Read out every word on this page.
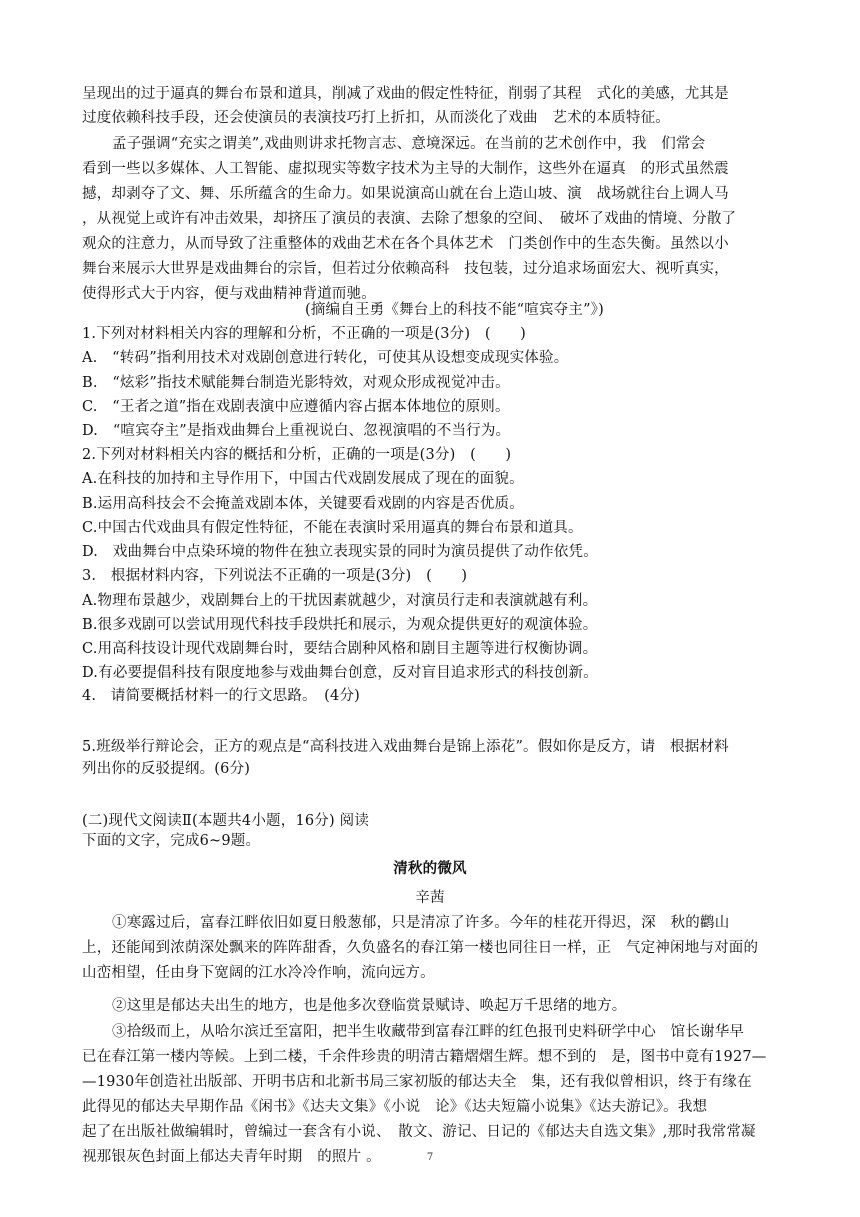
呈现出的过于逼真的舞台布景和道具，削减了戏曲的假定性特征，削弱了其程　式化的美感，尤其是
过度依赖科技手段，还会使演员的表演技巧打上折扣，从而淡化了戏曲　艺术的本质特征。
孟子强调“充实之谓美”,戏曲则讲求托物言志、意境深远。在当前的艺术创作中，我　们常会
看到一些以多媒体、人工智能、虚拟现实等数字技术为主导的大制作，这些外在逼真　的形式虽然震
撼，却剥夺了文、舞、乐所蕴含的生命力。如果说演高山就在台上造山坡、演　战场就往台上调人马
，从视觉上或许有冲击效果，却挤压了演员的表演、去除了想象的空间、　破坏了戏曲的情境、分散了
观众的注意力，从而导致了注重整体的戏曲艺术在各个具体艺术　门类创作中的生态失衡。虽然以小
舞台来展示大世界是戏曲舞台的宗旨，但若过分依赖高科　技包装，过分追求场面宏大、视听真实，
使得形式大于内容，便与戏曲精神背道而驰。
(摘编自王勇《舞台上的科技不能“喧宾夺主”》)
1.下列对材料相关内容的理解和分析，不正确的一项是(3分)　(　　)
A.　“转码”指利用技术对戏剧创意进行转化，可使其从设想变成现实体验。
B.　“炫彩”指技术赋能舞台制造光影特效，对观众形成视觉冲击。
C.　“王者之道”指在戏剧表演中应遵循内容占据本体地位的原则。
D.　“喧宾夺主”是指戏曲舞台上重视说白、忽视演唱的不当行为。
2.下列对材料相关内容的概括和分析，正确的一项是(3分)　(　　)
A.在科技的加持和主导作用下，中国古代戏剧发展成了现在的面貌。
B.运用高科技会不会掩盖戏剧本体，关键要看戏剧的内容是否优质。
C.中国古代戏曲具有假定性特征，不能在表演时采用逼真的舞台布景和道具。
D.　戏曲舞台中点染环境的物件在独立表现实景的同时为演员提供了动作依凭。
3.　根据材料内容，下列说法不正确的一项是(3分)　(　　)
A.物理布景越少，戏剧舞台上的干扰因素就越少，对演员行走和表演就越有利。
B.很多戏剧可以尝试用现代科技手段烘托和展示，为观众提供更好的观演体验。
C.用高科技设计现代戏剧舞台时，要结合剧种风格和剧目主题等进行权衡协调。
D.有必要提倡科技有限度地参与戏曲舞台创意，反对盲目追求形式的科技创新。
4.　请简要概括材料一的行文思路。　(4分)
5.班级举行辩论会，正方的观点是“高科技进入戏曲舞台是锦上添花”。假如你是反方，请　根据材料
列出你的反驳提纲。(6分)
(二)现代文阅读Ⅱ(本题共4小题，16分) 阅读
下面的文字，完成6~9题。
清秋的微风
辛茜
①寒露过后，富春江畔依旧如夏日般葱郁，只是清凉了许多。今年的桂花开得迟，深　秋的鹳山
上，还能闻到浓荫深处飘来的阵阵甜香，久负盛名的春江第一楼也同往日一样，正　气定神闲地与对面的
山峦相望，任由身下宽阔的江水冷冷作响，流向远方。
②这里是郁达夫出生的地方，也是他多次登临赏景赋诗、唤起万千思绪的地方。
③拾级而上，从哈尔滨迁至富阳，把半生收藏带到富春江畔的红色报刊史料研学中心　馆长谢华早
已在春江第一楼内等候。上到二楼，千余件珍贵的明清古籍熠熠生辉。想不到的　是，图书中竟有1927—
—1930年创造社出版部、开明书店和北新书局三家初版的郁达夫全　集，还有我似曾相识，终于有缘在
此得见的郁达夫早期作品《闲书》《达夫文集》《小说　论》《达夫短篇小说集》《达夫游记》。我想
起了在出版社做编辑时，曾编过一套含有小说、　散文、游记、日记的《郁达夫自选文集》,那时我常常凝
视那银灰色封面上郁达夫青年时期　的照片 。	7
